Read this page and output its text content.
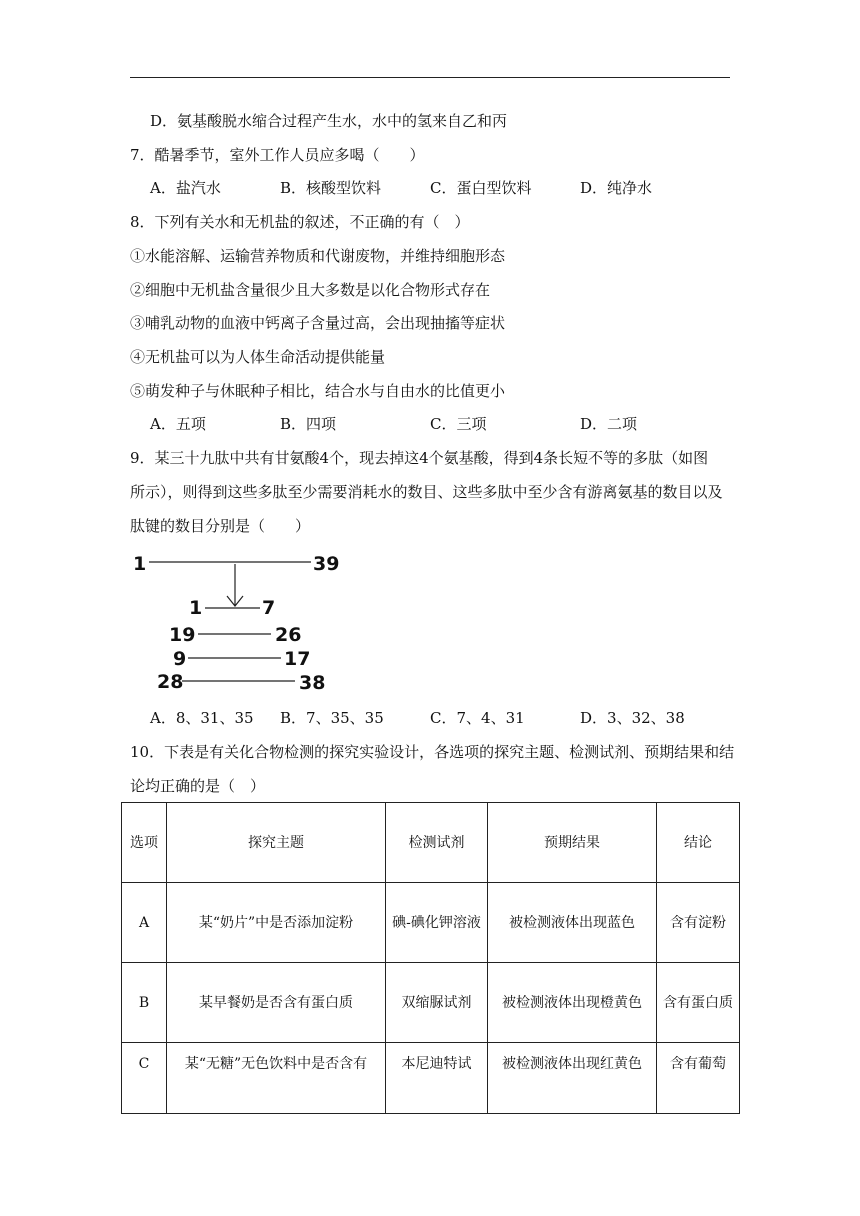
D．氨基酸脱水缩合过程产生水，水中的氢来自乙和丙
7．酷暑季节，室外工作人员应多喝（　　）
A．盐汽水	B．核酸型饮料	C．蛋白型饮料	D．纯净水
8．下列有关水和无机盐的叙述，不正确的有（　）
①水能溶解、运输营养物质和代谢废物，并维持细胞形态
②细胞中无机盐含量很少且大多数是以化合物形式存在
③哺乳动物的血液中钙离子含量过高，会出现抽搐等症状
④无机盐可以为人体生命活动提供能量
⑤萌发种子与休眠种子相比，结合水与自由水的比值更小
A．五项	B．四项	C．三项	D．二项
9．某三十九肽中共有甘氨酸4个，现去掉这4个氨基酸，得到4条长短不等的多肽（如图
所示），则得到这些多肽至少需要消耗水的数目、这些多肽中至少含有游离氨基的数目以及
肽键的数目分别是（　　）
1	39
1	7
19	26
9	17
28	38
A．8、31、35 B．7、35、35	C．7、4、31	D．3、32、38
10．下表是有关化合物检测的探究实验设计，各选项的探究主题、检测试剂、预期结果和结
论均正确的是（　）
选项	探究主题	检测试剂	预期结果	结论
A	某“奶片”中是否添加淀粉	碘-碘化钾溶液	被检测液体出现蓝色	含有淀粉
B	某早餐奶是否含有蛋白质	双缩脲试剂	被检测液体出现橙黄色	含有蛋白质
C	某“无糖”无色饮料中是否含有	本尼迪特试	被检测液体出现红黄色	含有葡萄
